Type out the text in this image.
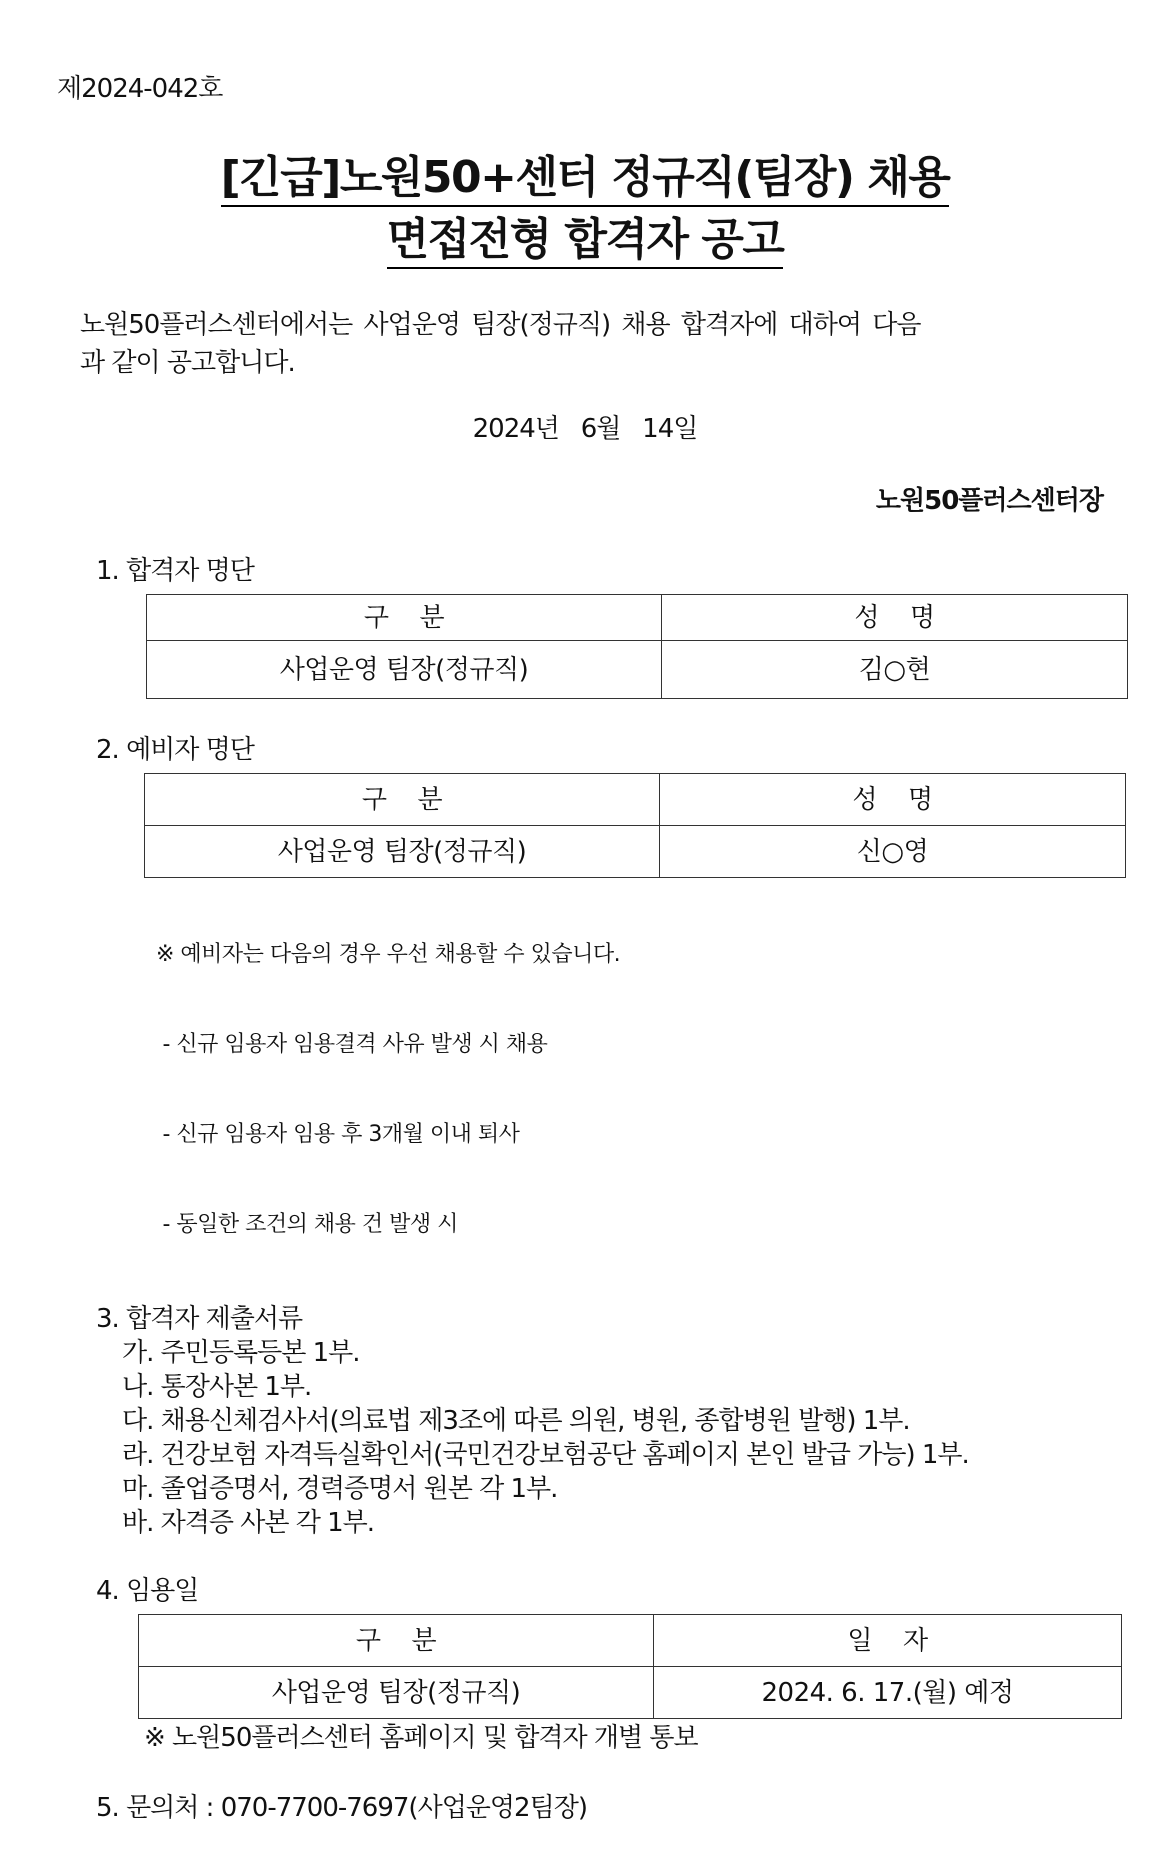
제2024-042호
[긴급]노원50+센터 정규직(팀장) 채용
면접전형 합격자 공고
노원50플러스센터에서는 사업운영 팀장(정규직) 채용 합격자에 대하여 다음
과 같이 공고합니다.
2024년   6월   14일
노원50플러스센터장
1. 합격자 명단
구    분	성    명
사업운영 팀장(정규직)	김○현
2. 예비자 명단
구    분	성    명
사업운영 팀장(정규직)	신○영

※ 예비자는 다음의 경우 우선 채용할 수 있습니다.

- 신규 임용자 임용결격 사유 발생 시 채용

- 신규 임용자 임용 후 3개월 이내 퇴사

- 동일한 조건의 채용 건 발생 시

3. 합격자 제출서류
가. 주민등록등본 1부.
나. 통장사본 1부.
다. 채용신체검사서(의료법 제3조에 따른 의원, 병원, 종합병원 발행) 1부.
라. 건강보험 자격득실확인서(국민건강보험공단 홈페이지 본인 발급 가능) 1부.
마. 졸업증명서, 경력증명서 원본 각 1부.
바. 자격증 사본 각 1부.
4. 임용일
구    분	일    자
사업운영 팀장(정규직)	2024. 6. 17.(월) 예정
※ 노원50플러스센터 홈페이지 및 합격자 개별 통보
5. 문의처 : 070-7700-7697(사업운영2팀장)
